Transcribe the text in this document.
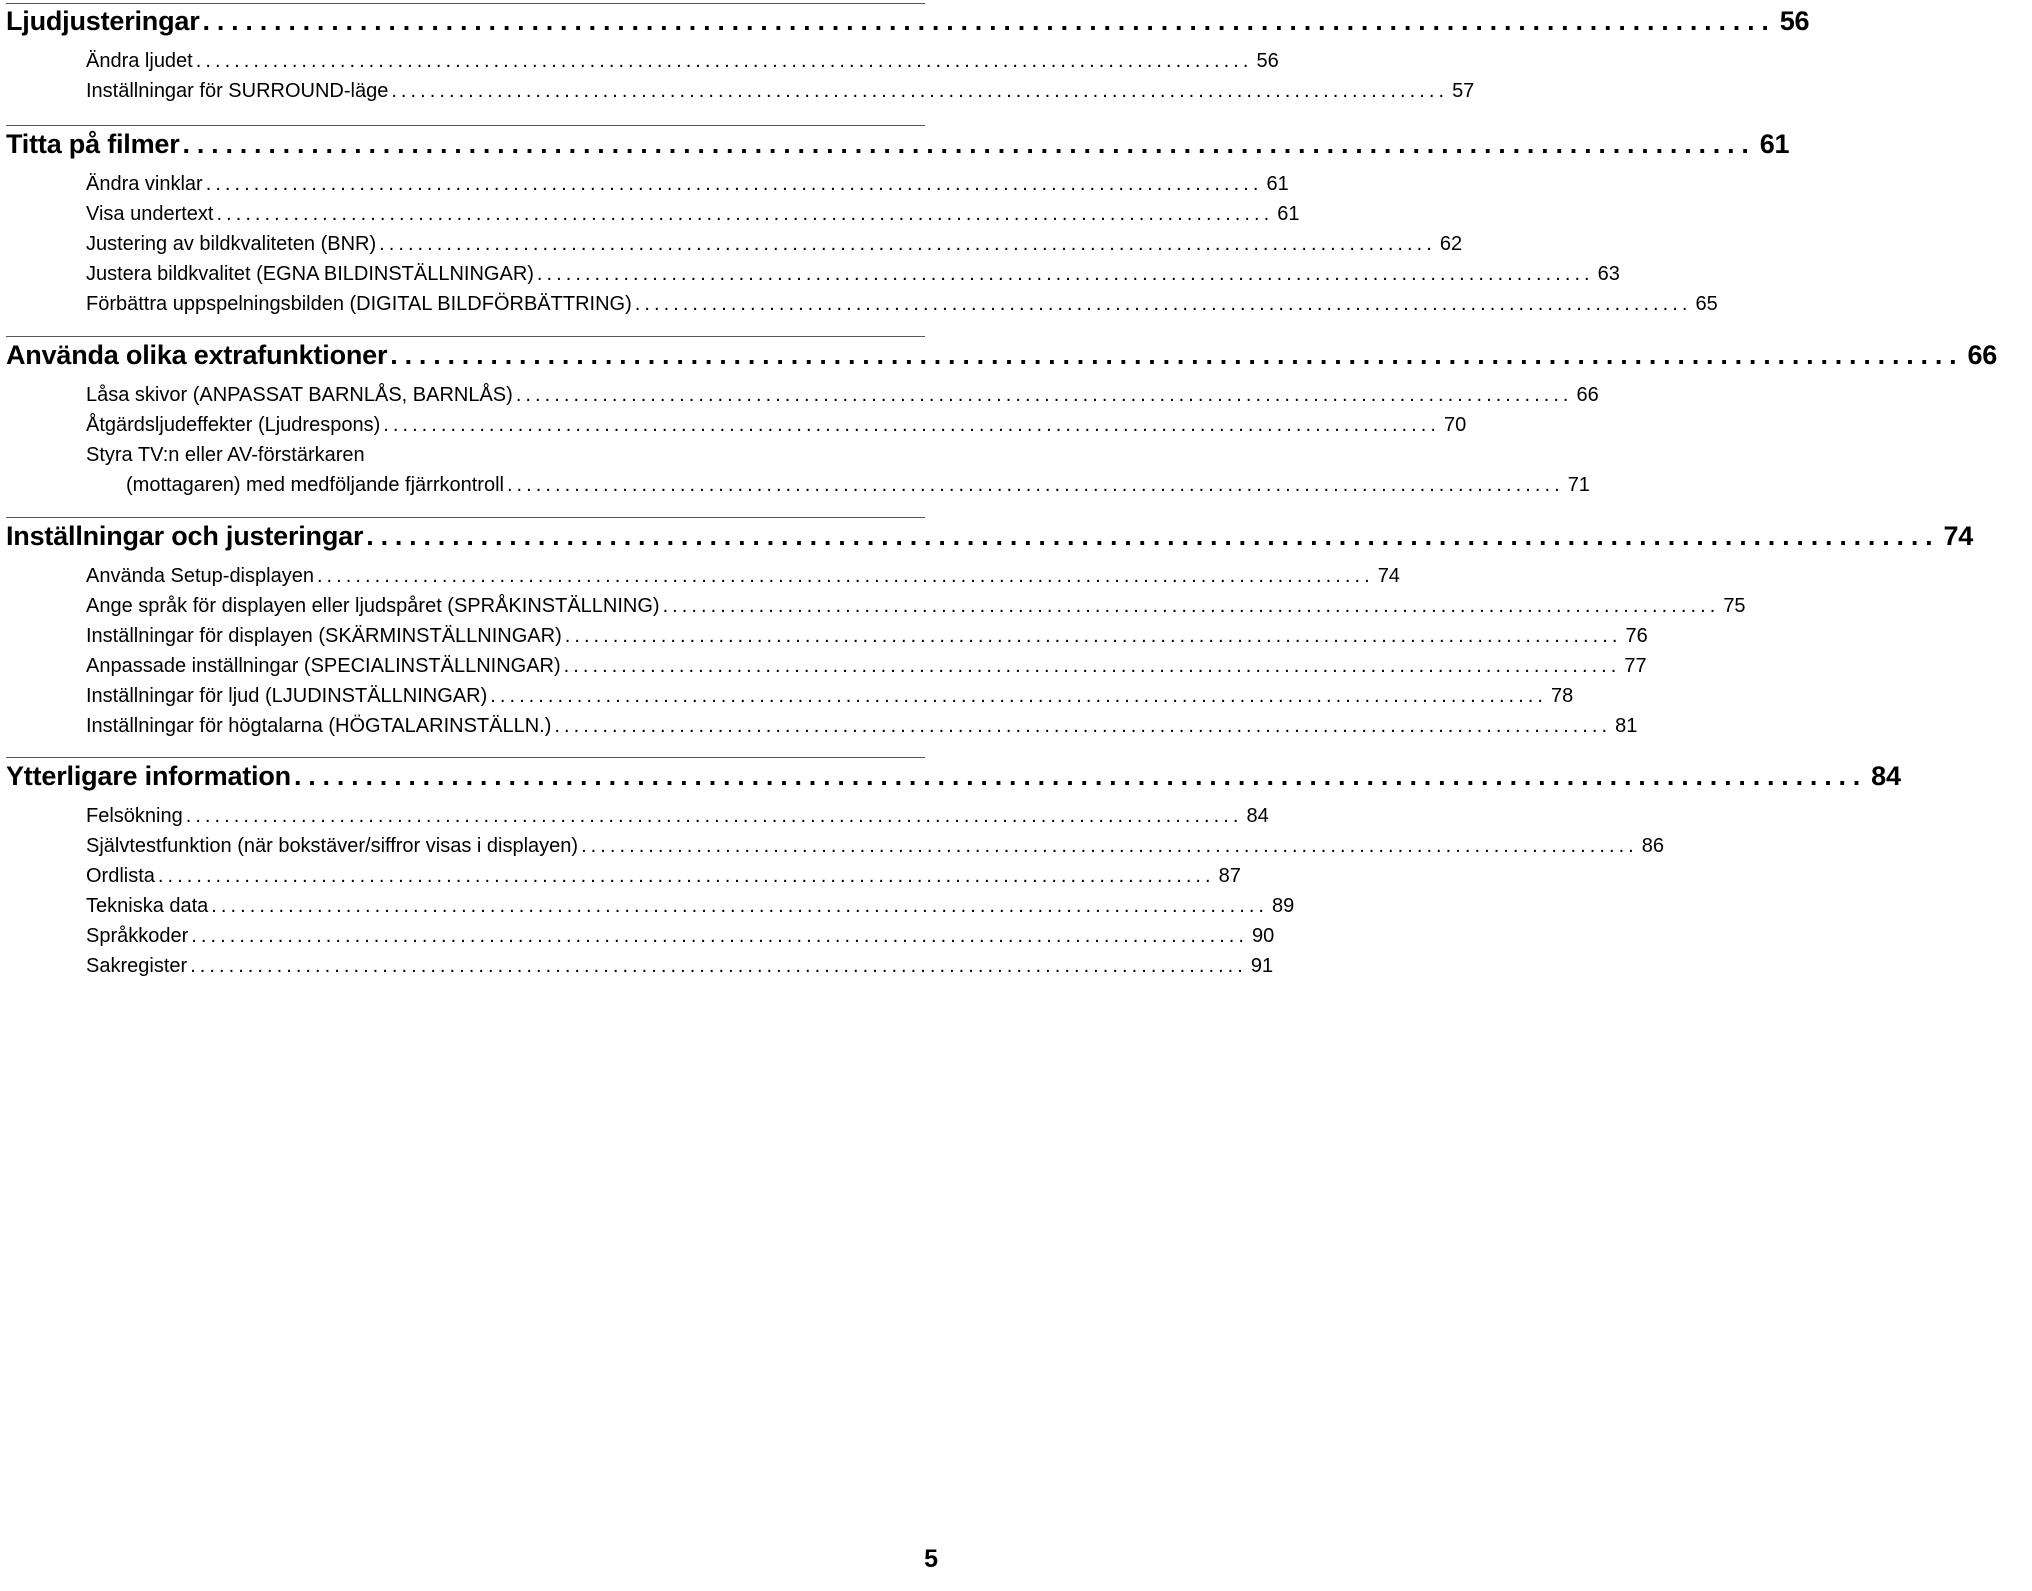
Ljudjusteringar .............................................................................................................. 56
Ändra ljudet .............................................................................................................. 56
Inställningar för SURROUND-läge .............................................................................................................. 57
Titta på filmer .............................................................................................................. 61
Ändra vinklar .............................................................................................................. 61
Visa undertext .............................................................................................................. 61
Justering av bildkvaliteten (BNR) .............................................................................................................. 62
Justera bildkvalitet (EGNA BILDINSTÄLLNINGAR) .............................................................................................................. 63
Förbättra uppspelningsbilden (DIGITAL BILDFÖRBÄTTRING) .............................................................................................................. 65
Använda olika extrafunktioner .............................................................................................................. 66
Låsa skivor (ANPASSAT BARNLÅS, BARNLÅS) .............................................................................................................. 66
Åtgärdsljudeffekter (Ljudrespons) .............................................................................................................. 70
Styra TV:n eller AV-förstärkaren
(mottagaren) med medföljande fjärrkontroll .............................................................................................................. 71
Inställningar och justeringar .............................................................................................................. 74
Använda Setup-displayen .............................................................................................................. 74
Ange språk för displayen eller ljudspåret (SPRÅKINSTÄLLNING) .............................................................................................................. 75
Inställningar för displayen (SKÄRMINSTÄLLNINGAR) .............................................................................................................. 76
Anpassade inställningar (SPECIALINSTÄLLNINGAR) .............................................................................................................. 77
Inställningar för ljud (LJUDINSTÄLLNINGAR) .............................................................................................................. 78
Inställningar för högtalarna (HÖGTALARINSTÄLLN.) .............................................................................................................. 81
Ytterligare information .............................................................................................................. 84
Felsökning .............................................................................................................. 84
Självtestfunktion (när bokstäver/siffror visas i displayen) .............................................................................................................. 86
Ordlista .............................................................................................................. 87
Tekniska data .............................................................................................................. 89
Språkkoder .............................................................................................................. 90
Sakregister .............................................................................................................. 91
5
